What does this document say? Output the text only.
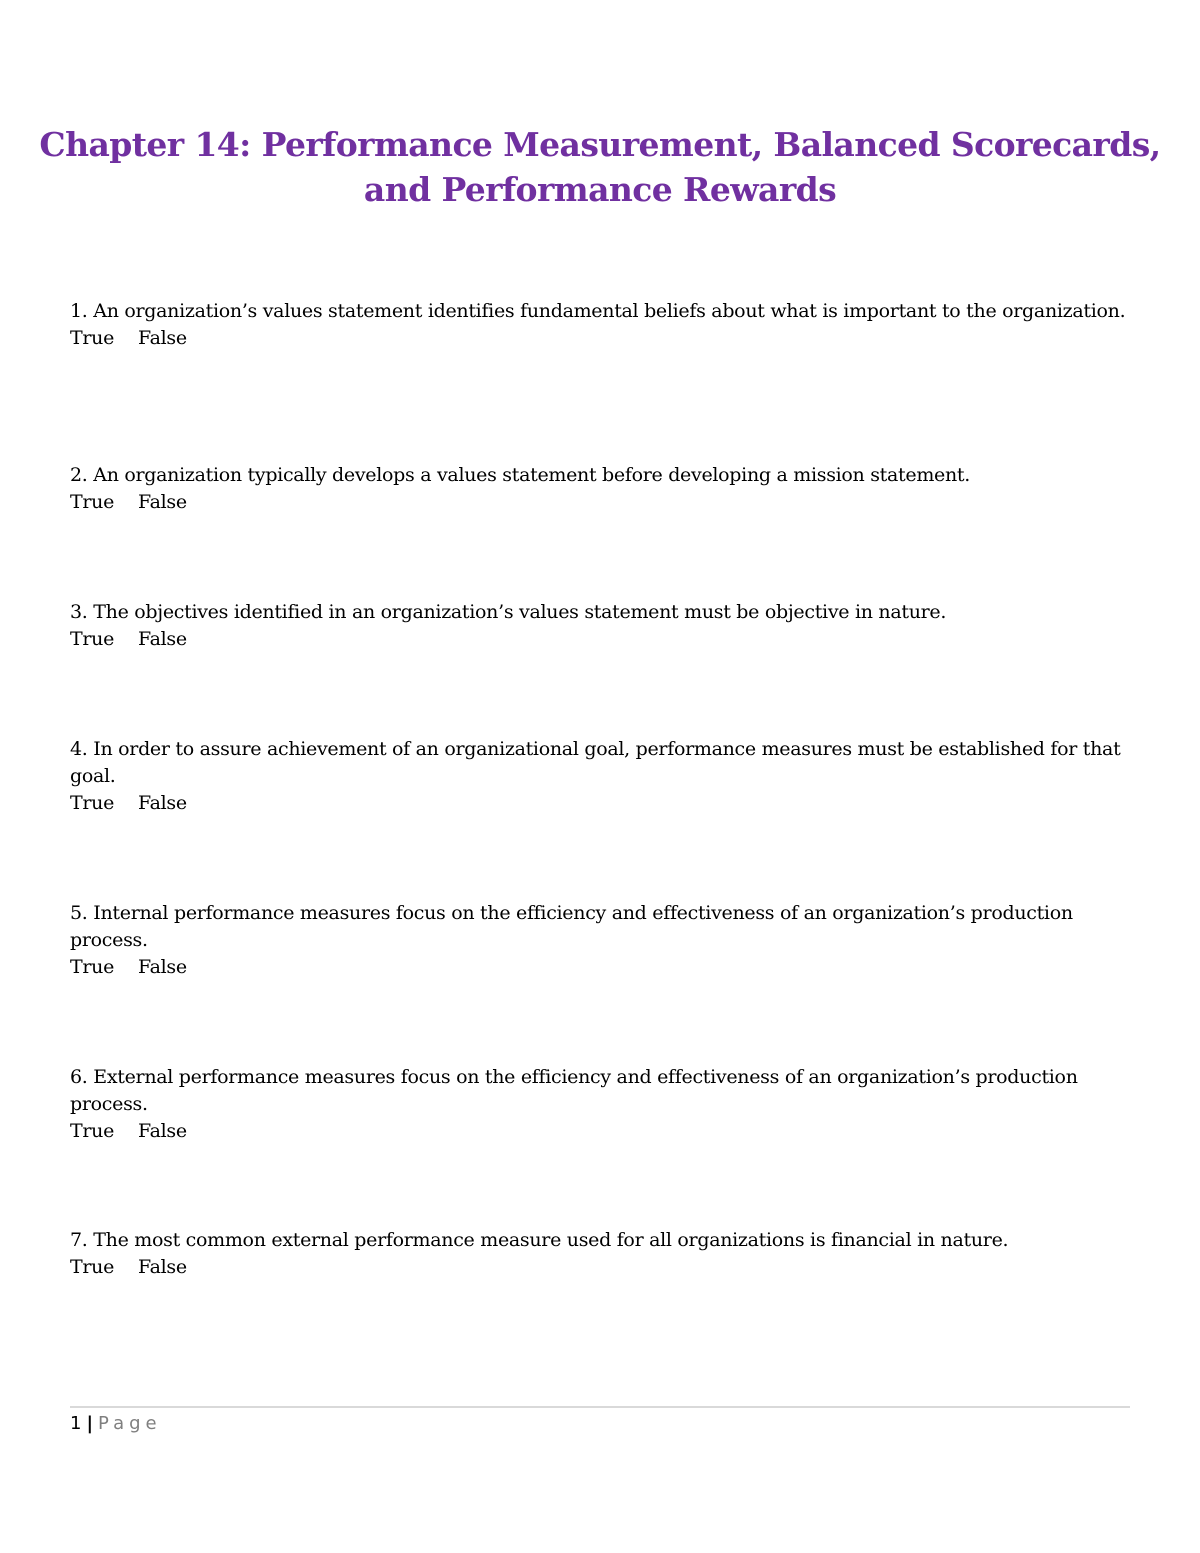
Chapter 14: Performance Measurement, Balanced Scorecards,
and Performance Rewards

1. An organization’s values statement identifies fundamental beliefs about what is important to the organization.

True False

2. An organization typically develops a values statement before developing a mission statement.

True False

3. The objectives identified in an organization’s values statement must be objective in nature.

True False

4. In order to assure achievement of an organizational goal, performance measures must be established for that goal.

True False

5. Internal performance measures focus on the efficiency and effectiveness of an organization’s production process.

True False

6. External performance measures focus on the efficiency and effectiveness of an organization’s production process.

True False

7. The most common external performance measure used for all organizations is financial in nature.

True False

1 | Page
